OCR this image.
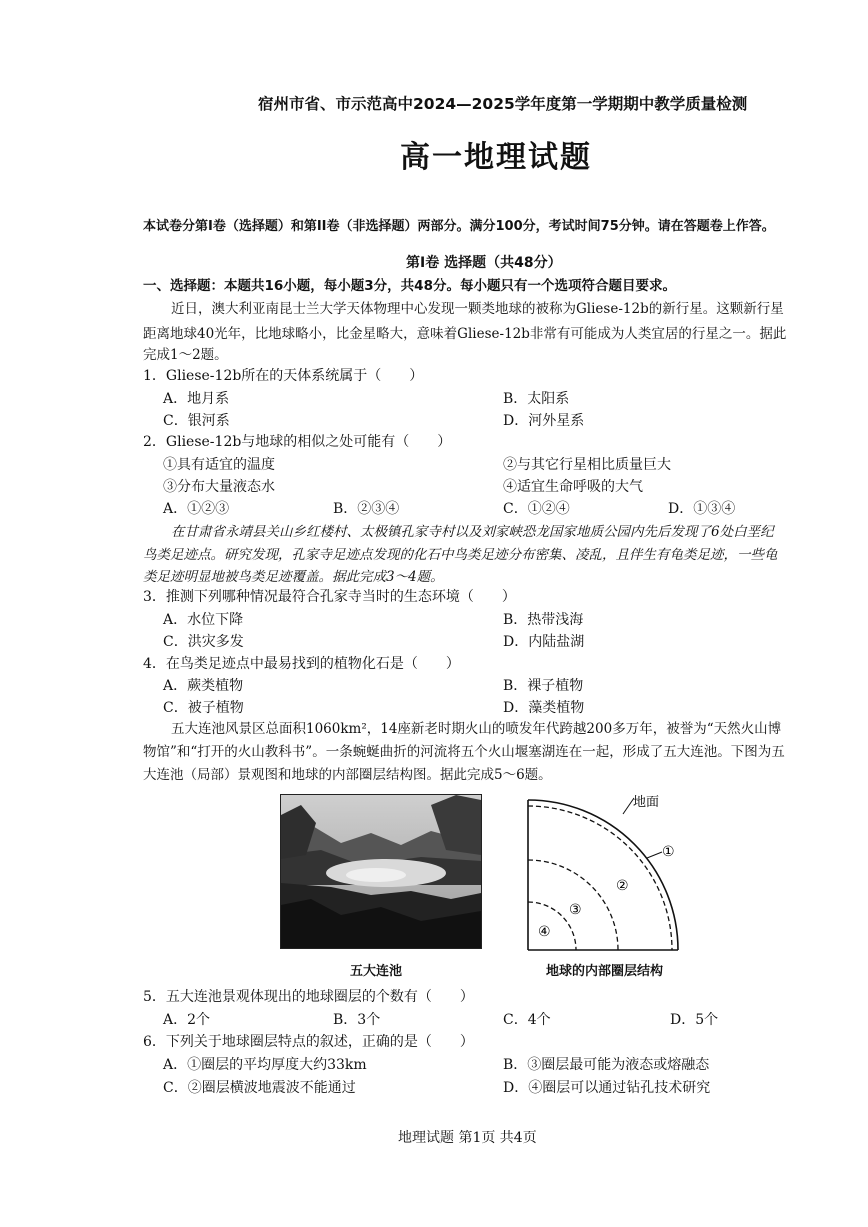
宿州市省、市示范高中2024—2025学年度第一学期期中教学质量检测
高一地理试题
本试卷分第Ⅰ卷（选择题）和第II卷（非选择题）两部分。满分100分，考试时间75分钟。请在答题卷上作答。
第Ⅰ卷 选择题（共48分）
一、选择题：本题共16小题，每小题3分，共48分。每小题只有一个选项符合题目要求。
近日，澳大利亚南昆士兰大学天体物理中心发现一颗类地球的被称为Gliese-12b的新行星。这颗新行星
距离地球40光年，比地球略小，比金星略大，意味着Gliese-12b非常有可能成为人类宜居的行星之一。据此
完成1～2题。
1．Gliese-12b所在的天体系统属于（　　）
A．地月系	B．太阳系
C．银河系	D．河外星系
2．Gliese-12b与地球的相似之处可能有（　　）
①具有适宜的温度	②与其它行星相比质量巨大
③分布大量液态水	④适宜生命呼吸的大气
A．①②③	B．②③④	C．①②④	D．①③④
在甘肃省永靖县关山乡红楼村、太极镇孔家寺村以及刘家峡恐龙国家地质公园内先后发现了6处白垩纪
鸟类足迹点。研究发现，孔家寺足迹点发现的化石中鸟类足迹分布密集、凌乱，且伴生有龟类足迹，一些龟
类足迹明显地被鸟类足迹覆盖。据此完成3～4题。
3．推测下列哪种情况最符合孔家寺当时的生态环境（　　）
A．水位下降	B．热带浅海
C．洪灾多发	D．内陆盐湖
4．在鸟类足迹点中最易找到的植物化石是（　　）
A．蕨类植物	B．裸子植物
C．被子植物	D．藻类植物
五大连池风景区总面积1060km²，14座新老时期火山的喷发年代跨越200多万年，被誉为“天然火山博
物馆”和“打开的火山教科书”。一条蜿蜒曲折的河流将五个火山堰塞湖连在一起，形成了五大连池。下图为五
大连池（局部）景观图和地球的内部圈层结构图。据此完成5～6题。
五大连池
地面
①
②
③
④
地球的内部圈层结构
5．五大连池景观体现出的地球圈层的个数有（　　）
A．2个	B．3个	C．4个	D．5个
6．下列关于地球圈层特点的叙述，正确的是（　　）
A．①圈层的平均厚度大约33km	B．③圈层最可能为液态或熔融态
C．②圈层横波地震波不能通过	D．④圈层可以通过钻孔技术研究
地理试题 第1页 共4页
